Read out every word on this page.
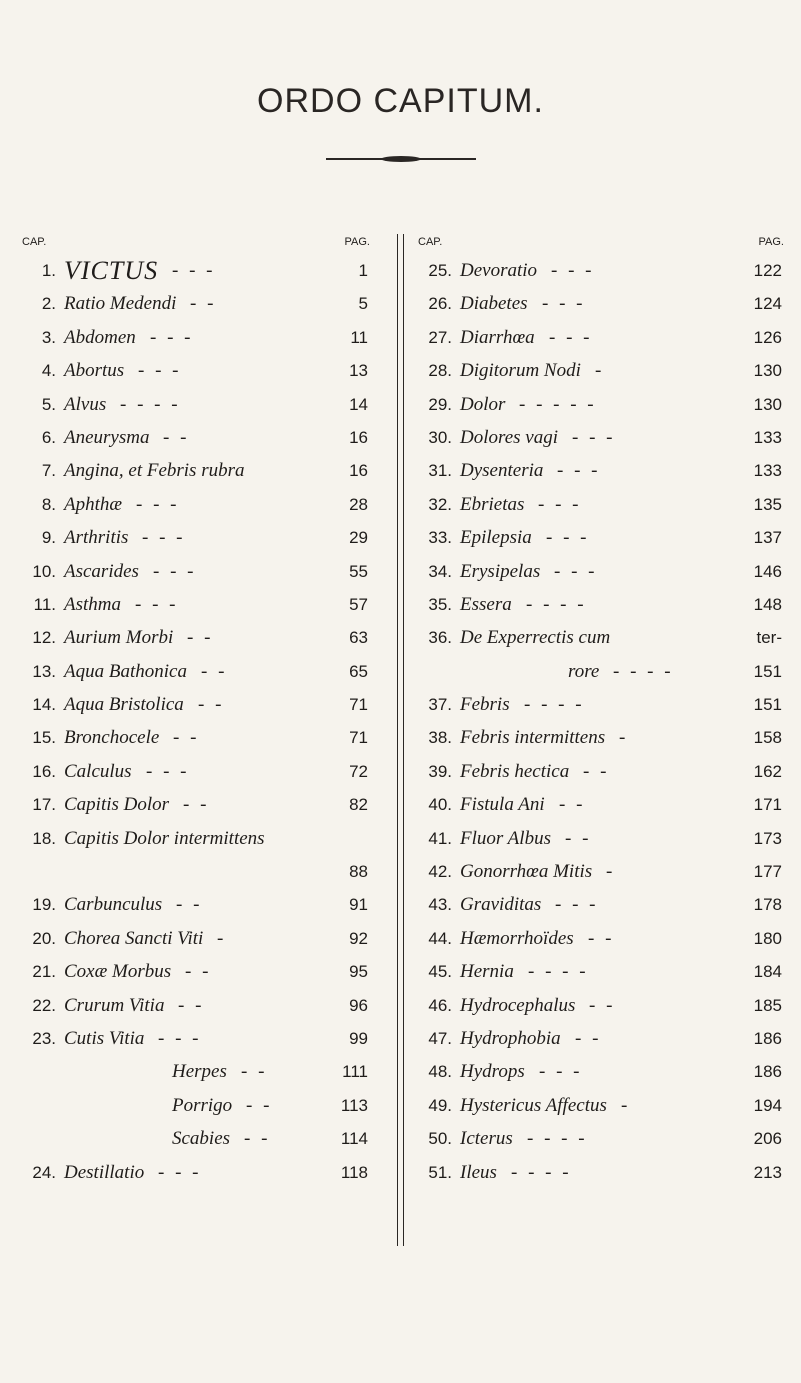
ORDO CAPITUM.
CAP.	PAG.
1. VICTUS - - -	1
2. Ratio Medendi - -	5
3. Abdomen - - -	11
4. Abortus - - -	13
5. Alvus - - - -	14
6. Aneurysma - -	16
7. Angina, et Febris rubra	16
8. Aphthæ - - -	28
9. Arthritis - - -	29
10. Ascarides - - -	55
11. Asthma - - -	57
12. Aurium Morbi - -	63
13. Aqua Bathonica - -	65
14. Aqua Bristolica - -	71
15. Bronchocele - -	71
16. Calculus - - -	72
17. Capitis Dolor - -	82
18. Capitis Dolor intermittens
88
19. Carbunculus - -	91
20. Chorea Sancti Viti -	92
21. Coxæ Morbus - -	95
22. Crurum Vitia - -	96
23. Cutis Vitia - - -	99
Herpes - -	111
Porrigo - -	113
Scabies - -	114
24. Destillatio - - -	118
CAP.	PAG.
25. Devoratio - - -	122
26. Diabetes - - -	124
27. Diarrhœa - - -	126
28. Digitorum Nodi -	130
29. Dolor - - - - -	130
30. Dolores vagi - - -	133
31. Dysenteria - - -	133
32. Ebrietas - - -	135
33. Epilepsia - - -	137
34. Erysipelas - - -	146
35. Essera - - - -	148
36. De Experrectis cum	ter-
rore - - - -	151
37. Febris - - - -	151
38. Febris intermittens -	158
39. Febris hectica - -	162
40. Fistula Ani - -	171
41. Fluor Albus - -	173
42. Gonorrhœa Mitis -	177
43. Graviditas - - -	178
44. Hæmorrhoïdes - -	180
45. Hernia - - - -	184
46. Hydrocephalus - -	185
47. Hydrophobia - -	186
48. Hydrops - - -	186
49. Hystericus Affectus -	194
50. Icterus - - - -	206
51. Ileus - - - -	213
